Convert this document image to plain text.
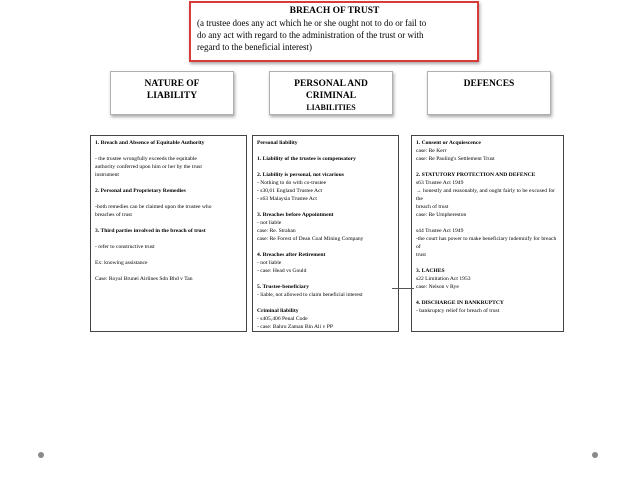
BREACH OF TRUST
(a trustee does any act which he or she ought not to do or fail to
do any act with regard to the administration of the trust or with
regard to the beneficial interest)
NATURE OF
LIABILITY
PERSONAL AND
CRIMINAL
LIABILITIES
DEFENCES

1. Breach and Absence of Equitable Authority

- the trustee wrongfully exceeds the equitable

authority conferred upon him or her by the trust

instrument

2. Personal and Proprietary Remedies

-both remedies can be claimed upon the trustee who

breaches of trust

3. Third parties involved in the breach of trust

- refer to constructive trust

Ex: knowing assistance

Case: Royal Brunei Airlines Sdn Bhd v Tan

Personal liability

1. Liability of the trustee is compensatory

2. Liability is personal, not vicarious

- Nothing to do with co-trustee

- s30,61 England Trustee Act

- s63 Malaysia Trustee Act

3. Breaches before Appointment

- not liable

case: Re. Strahan

case: Re Forest of Dean Coal Mining Company

4. Breaches after Retirement

- not liable

- case: Head vs Gould

5. Trustee-beneficiary

- liable, not allowed to claim beneficial interest

Criminal liability

- s405,406 Penal Code

- case: Bahru Zaman Bin Ali v PP

1. Consent or Acquiescence

case: Re Kerr

case: Re Pauling's Settlement Trust

2. STATUTORY PROTECTION AND DEFENCE

s63 Trustee Act 1949

→ honestly and reasonably, and ought fairly to be excused for the

breach of trust

case: Re Umphereston

s44 Trustee Act 1949

-the court has power to make beneficiary indemnify for breach of

trust

3. LACHES

s22 Limitation Act 1953

case: Nelson v Rye

4. DISCHARGE IN BANKRUPTCY

- bankruptcy relief for breach of trust
